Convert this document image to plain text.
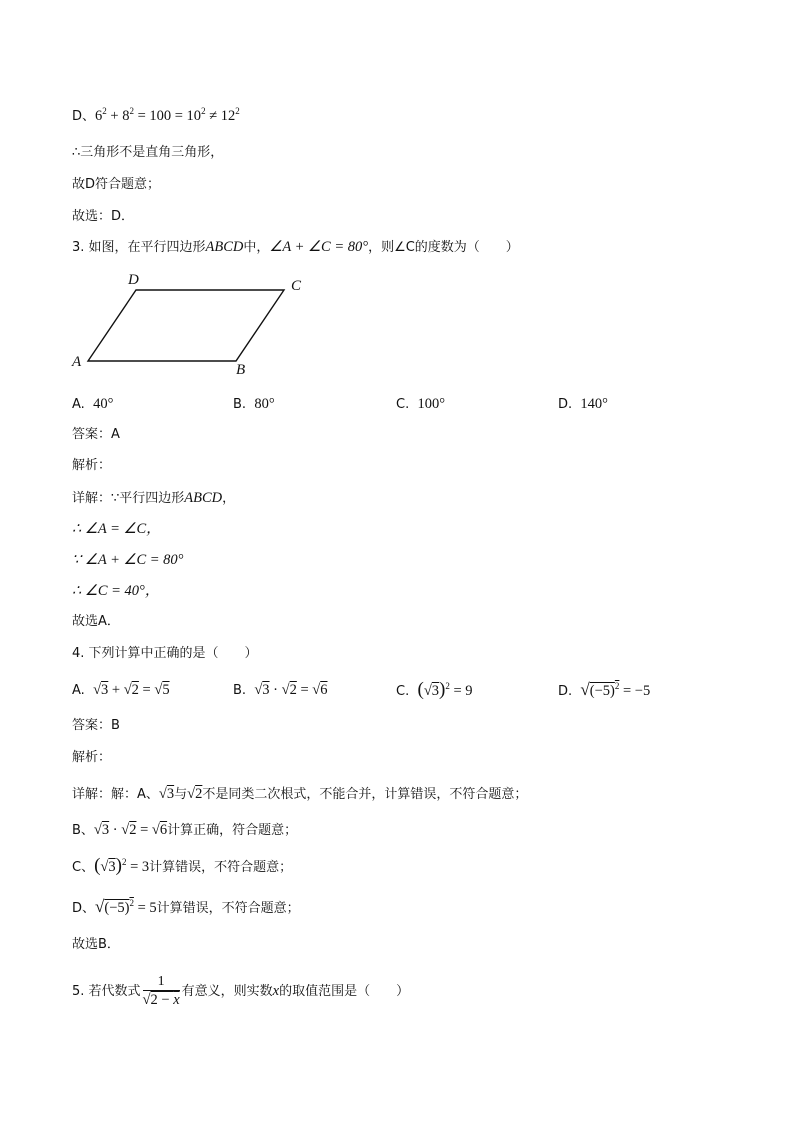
D、$6^2 + 8^2 = 100 = 10^2 \ne 12^2$
∴三角形不是直角三角形，
故D符合题意；
故选：D．
3. 如图，在平行四边形ABCD中，∠A + ∠C = 80°，则∠C的度数为（　　）
A	B
C
D
A. 40°	B. 80°	C. 100°	D. 140°
答案：A
解析：
详解：∵平行四边形ABCD，
∴ ∠A = ∠C，
∵ ∠A + ∠C = 80°
∴ ∠C = 40°，
故选A．
4. 下列计算中正确的是（　　）
A. √3 + √2 = √5	B. √3 · √2 = √6	C. $(√3)^2 = 9$	D. $√(-5)^2 = -5$
答案：B
解析：
详解：解：A、√3与√2不是同类二次根式，不能合并，计算错误，不符合题意；
B、√3 · √2 = √6计算正确，符合题意；
C、$(√3)^2 = 3$计算错误，不符合题意；
D、$√(-5)^2 = 5$计算错误，不符合题意；
故选B．
5. 若代数式 $\frac{1}{√2 - x}$ 有意义，则实数x的取值范围是（　　）
